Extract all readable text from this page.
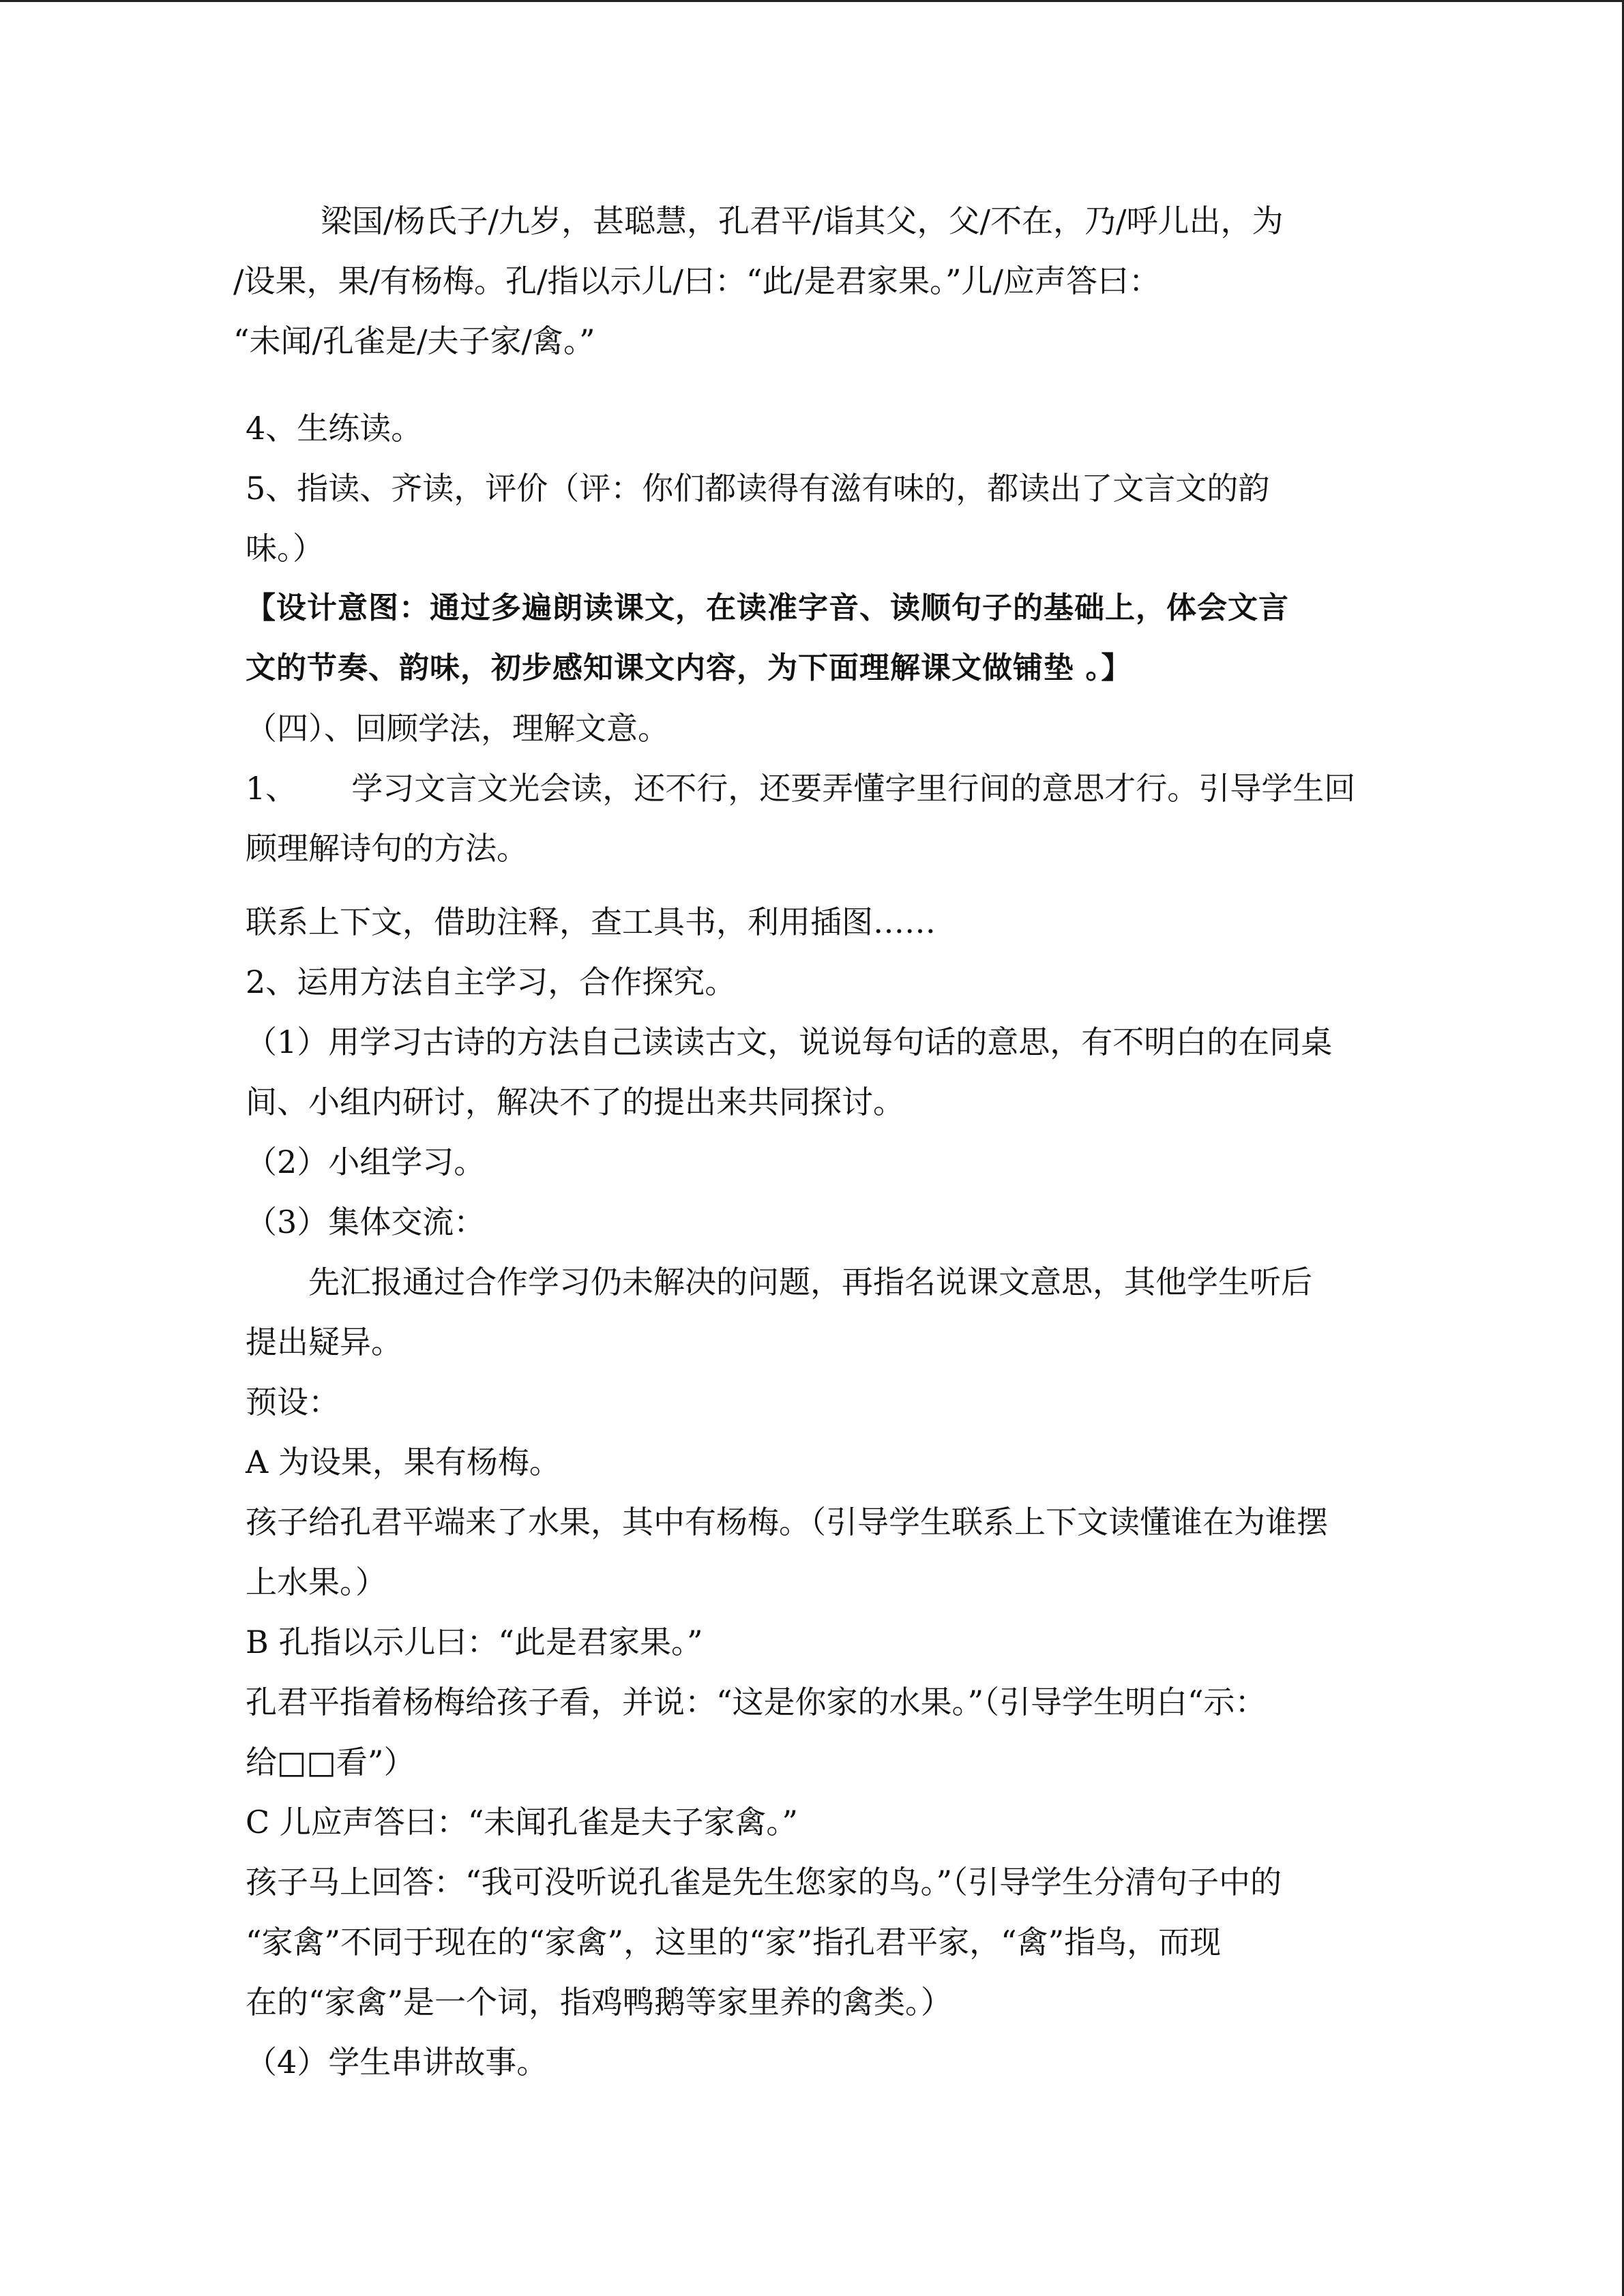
梁国/杨氏子/九岁，甚聪慧，孔君平/诣其父，父/不在，乃/呼儿出，为

/设果，果/有杨梅。孔/指以示儿/曰：“此/是君家果。”儿/应声答曰：

“未闻/孔雀是/夫子家/禽。”

4、生练读。

5、指读、齐读，评价（评：你们都读得有滋有味的，都读出了文言文的韵

味。）

【设计意图：通过多遍朗读课文，在读准字音、读顺句子的基础上，体会文言

文的节奏、韵味，初步感知课文内容，为下面理解课文做铺垫 。】

（四）、回顾学法，理解文意。

1、 学习文言文光会读，还不行，还要弄懂字里行间的意思才行。引导学生回

顾理解诗句的方法。

联系上下文，借助注释，查工具书，利用插图……

2、运用方法自主学习，合作探究。

（1）用学习古诗的方法自己读读古文，说说每句话的意思，有不明白的在同桌

间、小组内研讨，解决不了的提出来共同探讨。

（2）小组学习。

（3）集体交流：

先汇报通过合作学习仍未解决的问题，再指名说课文意思，其他学生听后

提出疑异。

预设：

A 为设果，果有杨梅。

孩子给孔君平端来了水果，其中有杨梅。（引导学生联系上下文读懂谁在为谁摆

上水果。）

B 孔指以示儿曰：“此是君家果。”

孔君平指着杨梅给孩子看，并说：“这是你家的水果。”（引导学生明白“示：

给□□看”）

C 儿应声答曰：“未闻孔雀是夫子家禽。”

孩子马上回答：“我可没听说孔雀是先生您家的鸟。”（引导学生分清句子中的

“家禽”不同于现在的“家禽”，这里的“家”指孔君平家，“禽”指鸟，而现

在的“家禽”是一个词，指鸡鸭鹅等家里养的禽类。）

（4）学生串讲故事。
